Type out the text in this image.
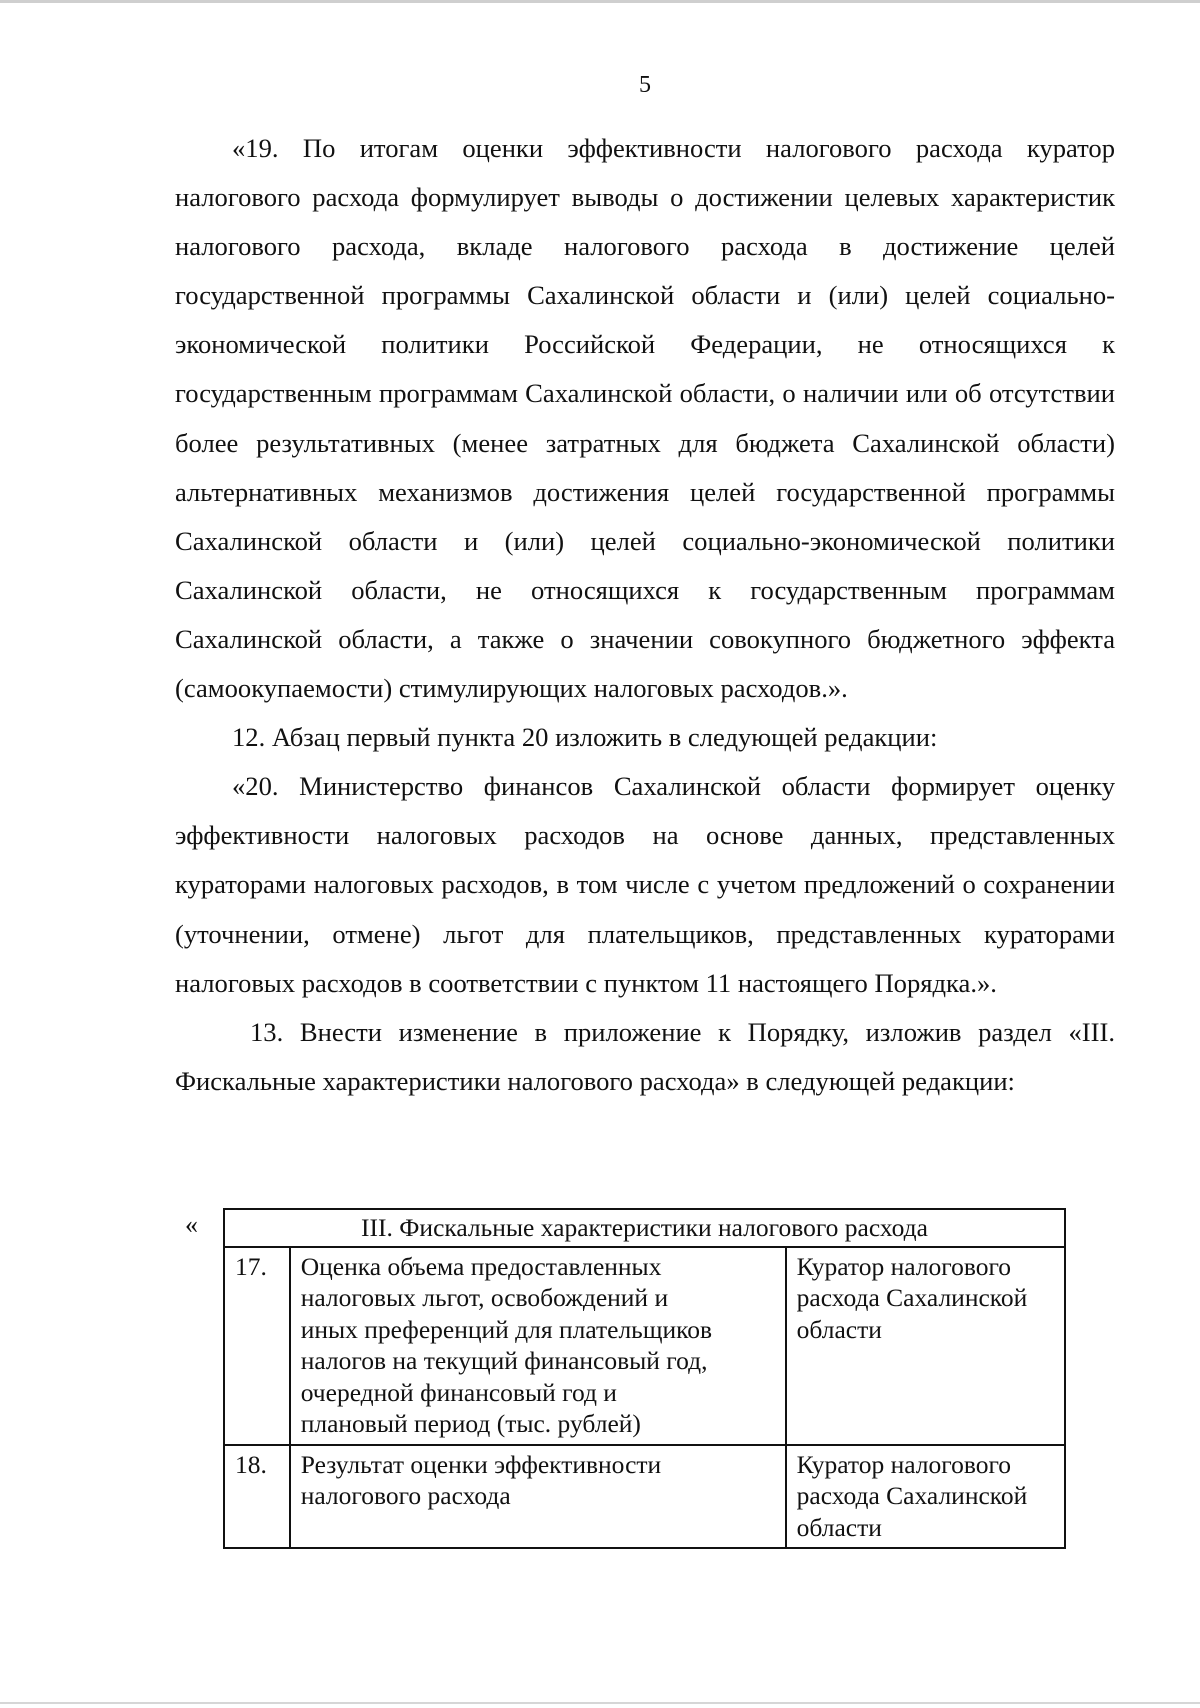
5

«19. По итогам оценки эффективности налогового расхода куратор налогового расхода формулирует выводы о достижении целевых характеристик налогового расхода, вкладе налогового расхода в достижение целей государственной программы Сахалинской области и (или) целей социально-экономической политики Российской Федерации, не относящихся к государственным программам Сахалинской области, о наличии или об отсутствии более результативных (менее затратных для бюджета Сахалинской области) альтернативных механизмов достижения целей государственной программы Сахалинской области и (или) целей социально-экономической политики Сахалинской области, не относящихся к государственным программам Сахалинской области, а также о значении совокупного бюджетного эффекта (самоокупаемости) стимулирующих налоговых расходов.».

12. Абзац первый пункта 20 изложить в следующей редакции:

«20. Министерство финансов Сахалинской области формирует оценку эффективности налоговых расходов на основе данных, представленных кураторами налоговых расходов, в том числе с учетом предложений о сохранении (уточнении, отмене) льгот для плательщиков, представленных кураторами налоговых расходов в соответствии с пунктом 11 настоящего Порядка.».

13. Внести изменение в приложение к Порядку, изложив раздел «III. Фискальные характеристики налогового расхода» в следующей редакции:

«	III. Фискальные характеристики налогового расхода			
17.	Оценка объема предоставленных налоговых льгот, освобождений и иных преференций для плательщиков налогов на текущий финансовый год, очередной финансовый год и плановый период (тыс. рублей)		Куратор налогового расхода Сахалинской области
18.	Результат оценки эффективности налогового расхода		Куратор налогового расхода Сахалинской области
